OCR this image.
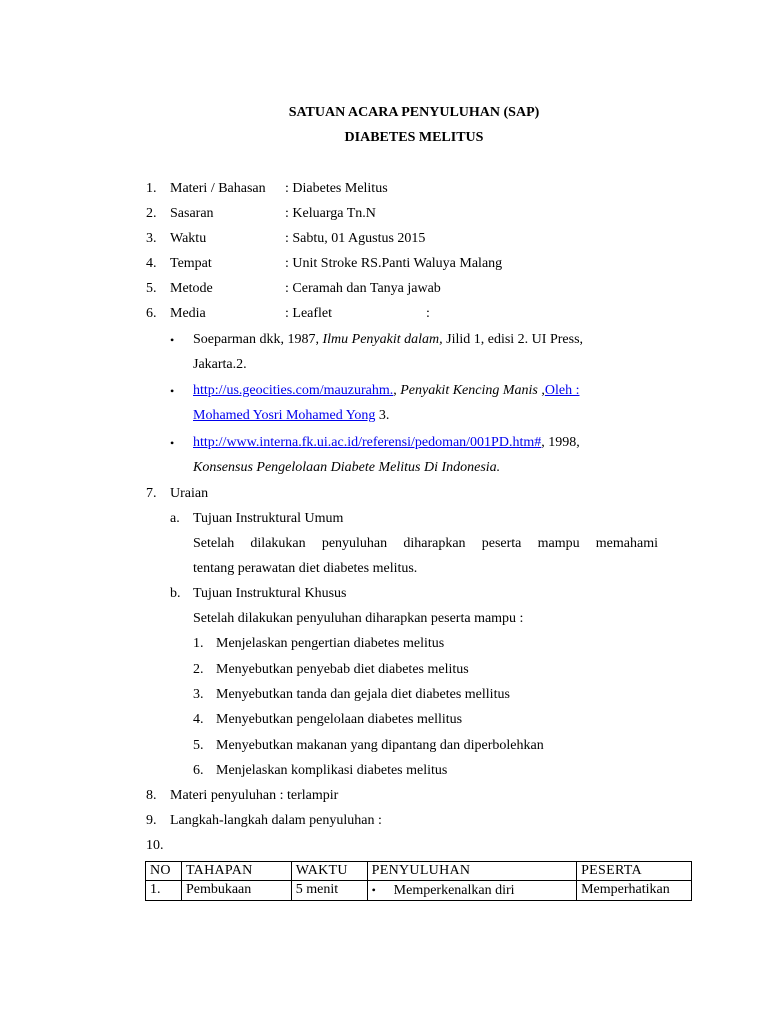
SATUAN ACARA PENYULUHAN (SAP)
DIABETES MELITUS
1. Materi / Bahasan : Diabetes Melitus
2. Sasaran	: Keluarga Tn.N
3. Waktu	: Sabtu, 01 Agustus 2015
4. Tempat	: Unit Stroke RS.Panti Waluya Malang
5. Metode	: Ceramah dan Tanya jawab
6. Media	: Leaflet	:
• Soeparman dkk, 1987, Ilmu Penyakit dalam, Jilid 1, edisi 2. UI Press,
Jakarta.2.
• http://us.geocities.com/mauzurahm., Penyakit Kencing Manis ,Oleh :
Mohamed Yosri Mohamed Yong 3.
• http://www.interna.fk.ui.ac.id/referensi/pedoman/001PD.htm#, 1998,
Konsensus Pengelolaan Diabete Melitus Di Indonesia.
7. Uraian
a. Tujuan Instruktural Umum
Setelah dilakukan penyuluhan diharapkan peserta mampu memahami
tentang perawatan diet diabetes melitus.
b. Tujuan Instruktural Khusus
Setelah dilakukan penyuluhan diharapkan peserta mampu :
1. Menjelaskan pengertian diabetes melitus
2. Menyebutkan penyebab diet diabetes melitus
3. Menyebutkan tanda dan gejala diet diabetes mellitus
4. Menyebutkan pengelolaan diabetes mellitus
5. Menyebutkan makanan yang dipantang dan diperbolehkan
6. Menjelaskan komplikasi diabetes melitus
8. Materi penyuluhan : terlampir
9. Langkah-langkah dalam penyuluhan :
10.
NO	TAHAPAN	WAKTU	PENYULUHAN	PESERTA
1.	Pembukaan	5 menit	• Memperkenalkan diri	Memperhatikan
